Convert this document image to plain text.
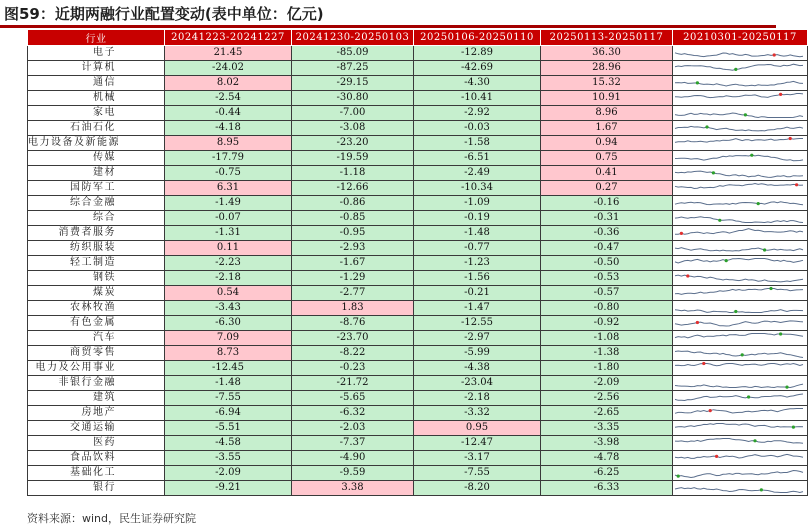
图59：近期两融行业配置变动(表中单位：亿元)
行业	20241223-20241227	20241230-20250103	20250106-20250110	20250113-20250117	20210301-20250117
电子	21.45	-85.09	-12.89	36.30	

计算机	-24.02	-87.25	-42.69	28.96	

通信	8.02	-29.15	-4.30	15.32	

机械	-2.54	-30.80	-10.41	10.91	

家电	-0.44	-7.00	-2.92	8.96	

石油石化	-4.18	-3.08	-0.03	1.67	

电力设备及新能源	8.95	-23.20	-1.58	0.94	

传媒	-17.79	-19.59	-6.51	0.75	

建材	-0.75	-1.18	-2.49	0.41	

国防军工	6.31	-12.66	-10.34	0.27	

综合金融	-1.49	-0.86	-1.09	-0.16	

综合	-0.07	-0.85	-0.19	-0.31	

消费者服务	-1.31	-0.95	-1.48	-0.36	

纺织服装	0.11	-2.93	-0.77	-0.47	

轻工制造	-2.23	-1.67	-1.23	-0.50	

钢铁	-2.18	-1.29	-1.56	-0.53	

煤炭	0.54	-2.77	-0.21	-0.57	

农林牧渔	-3.43	1.83	-1.47	-0.80	

有色金属	-6.30	-8.76	-12.55	-0.92	

汽车	7.09	-23.70	-2.97	-1.08	

商贸零售	8.73	-8.22	-5.99	-1.38	

电力及公用事业	-12.45	-0.23	-4.38	-1.80	

非银行金融	-1.48	-21.72	-23.04	-2.09	

建筑	-7.55	-5.65	-2.18	-2.56	

房地产	-6.94	-6.32	-3.32	-2.65	

交通运输	-5.51	-2.03	0.95	-3.35	

医药	-4.58	-7.37	-12.47	-3.98	

食品饮料	-3.55	-4.90	-3.17	-4.78	

基础化工	-2.09	-9.59	-7.55	-6.25	

银行	-9.21	3.38	-8.20	-6.33	
资料来源：wind，民生证券研究院
